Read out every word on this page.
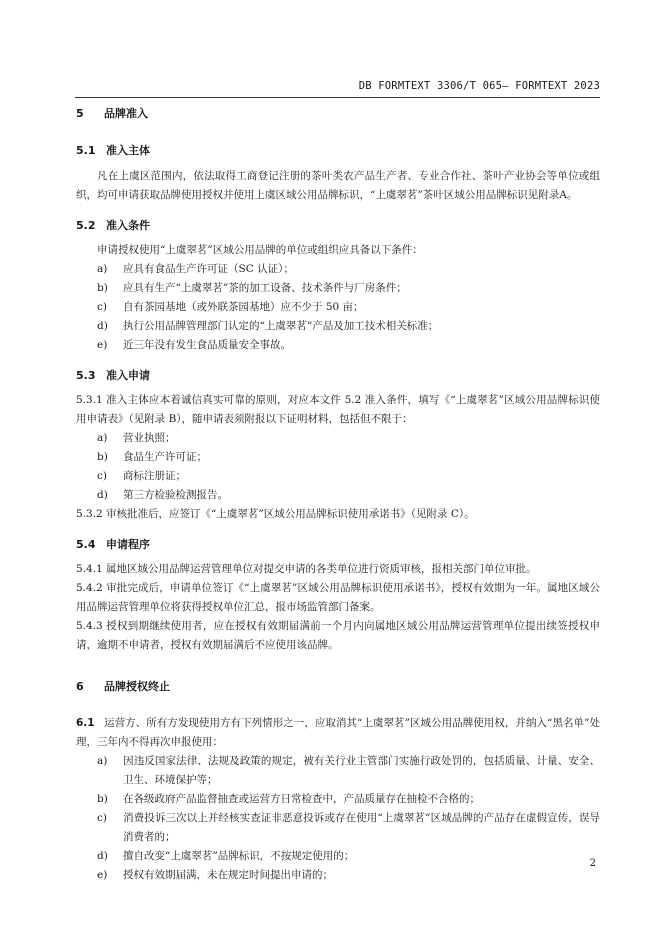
DB FORMTEXT 3306/T 065— FORMTEXT 2023
5 品牌准入
5.1 准入主体

凡在上虞区范围内，依法取得工商登记注册的茶叶类农产品生产者、专业合作社、茶叶产业协会等单位或组织，均可申请获取品牌使用授权并使用上虞区域公用品牌标识，“上虞翠茗”茶叶区域公用品牌标识见附录A。

5.2 准入条件

申请授权使用“上虞翠茗”区域公用品牌的单位或组织应具备以下条件：

a) 应具有食品生产许可证（SC 认证）；
b) 应具有生产“上虞翠茗”茶的加工设备、技术条件与厂房条件；
c) 自有茶园基地（或外联茶园基地）应不少于 50 亩；
d) 执行公用品牌管理部门认定的“上虞翠茗”产品及加工技术相关标准；
e) 近三年没有发生食品质量安全事故。
5.3 准入申请

5.3.1 准入主体应本着诚信真实可靠的原则，对应本文件 5.2 准入条件，填写《“上虞翠茗”区域公用品牌标识使用申请表》（见附录 B），随申请表须附报以下证明材料，包括但不限于：

a) 营业执照；
b) 食品生产许可证；
c) 商标注册证；
d) 第三方检验检测报告。

5.3.2 审核批准后，应签订《“上虞翠茗”区域公用品牌标识使用承诺书》（见附录 C）。

5.4 申请程序

5.4.1 属地区域公用品牌运营管理单位对提交申请的各类单位进行资质审核，报相关部门单位审批。

5.4.2 审批完成后，申请单位签订《“上虞翠茗”区域公用品牌标识使用承诺书》，授权有效期为一年。属地区域公用品牌运营管理单位将获得授权单位汇总，报市场监管部门备案。

5.4.3 授权到期继续使用者，应在授权有效期届满前一个月内向属地区域公用品牌运营管理单位提出续签授权申请，逾期不申请者，授权有效期届满后不应使用该品牌。

6 品牌授权终止

6.1 运营方、所有方发现使用方有下列情形之一，应取消其“上虞翠茗”区域公用品牌使用权，并纳入“黑名单”处理，三年内不得再次申报使用：

a) 因违反国家法律、法规及政策的规定，被有关行业主管部门实施行政处罚的，包括质量、计量、安全、卫生、环境保护等；
b) 在各级政府产品监督抽查或运营方日常检查中，产品质量存在抽检不合格的；
c) 消费投诉三次以上并经核实查证非恶意投诉或存在使用“上虞翠茗”区域品牌的产品存在虚假宣传，误导消费者的；
d) 擅自改变“上虞翠茗”品牌标识，不按规定使用的；
e) 授权有效期届满，未在规定时间提出申请的；
2
